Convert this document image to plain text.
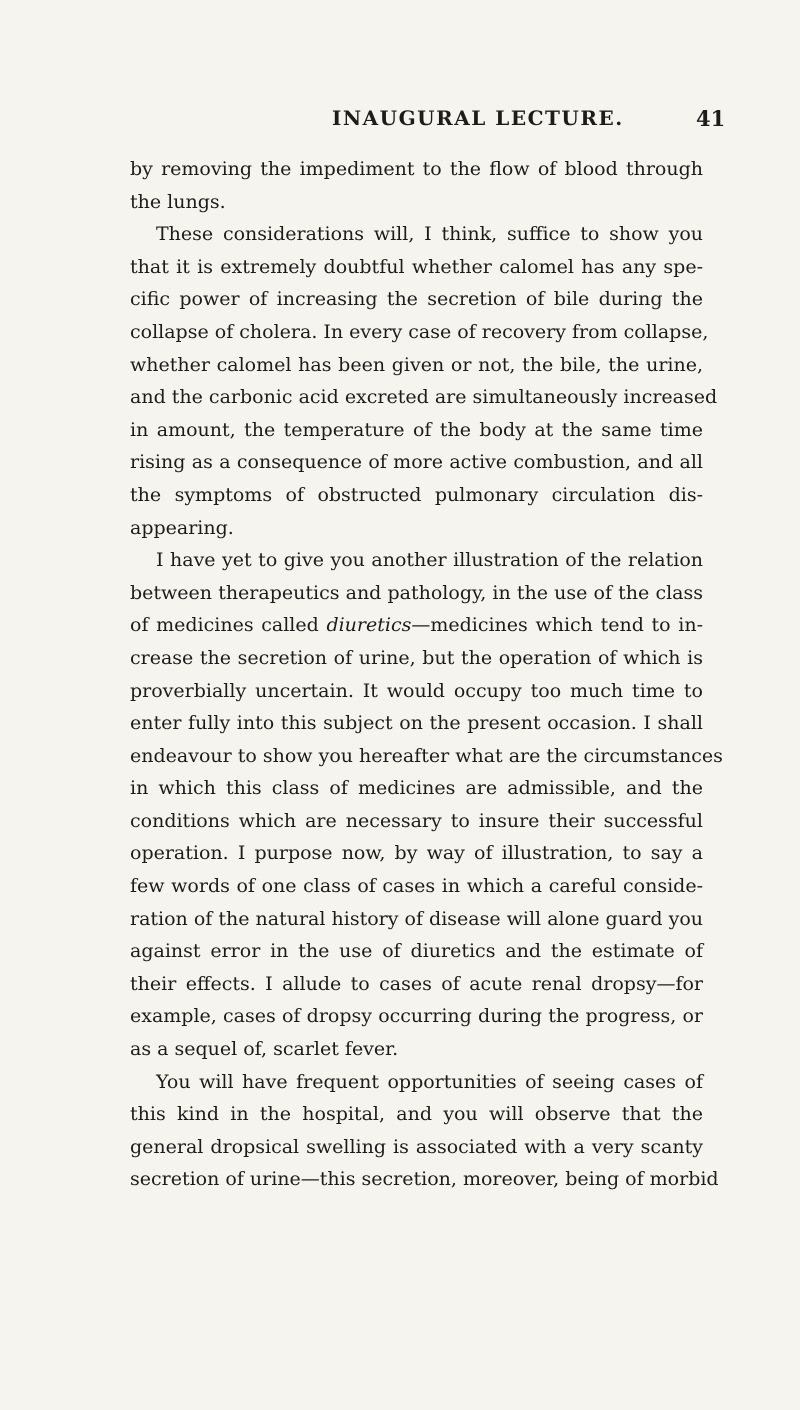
INAUGURAL LECTURE.	41
by removing the impediment to the flow of blood through
the lungs.
These considerations will, I think, suffice to show you
that it is extremely doubtful whether calomel has any spe-
cific power of increasing the secretion of bile during the
collapse of cholera. In every case of recovery from collapse,
whether calomel has been given or not, the bile, the urine,
and the carbonic acid excreted are simultaneously increased
in amount, the temperature of the body at the same time
rising as a consequence of more active combustion, and all
the symptoms of obstructed pulmonary circulation dis-
appearing.
I have yet to give you another illustration of the relation
between therapeutics and pathology, in the use of the class
of medicines called diuretics—medicines which tend to in-
crease the secretion of urine, but the operation of which is
proverbially uncertain. It would occupy too much time to
enter fully into this subject on the present occasion. I shall
endeavour to show you hereafter what are the circumstances
in which this class of medicines are admissible, and the
conditions which are necessary to insure their successful
operation. I purpose now, by way of illustration, to say a
few words of one class of cases in which a careful conside-
ration of the natural history of disease will alone guard you
against error in the use of diuretics and the estimate of
their effects. I allude to cases of acute renal dropsy—for
example, cases of dropsy occurring during the progress, or
as a sequel of, scarlet fever.
You will have frequent opportunities of seeing cases of
this kind in the hospital, and you will observe that the
general dropsical swelling is associated with a very scanty
secretion of urine—this secretion, moreover, being of morbid
